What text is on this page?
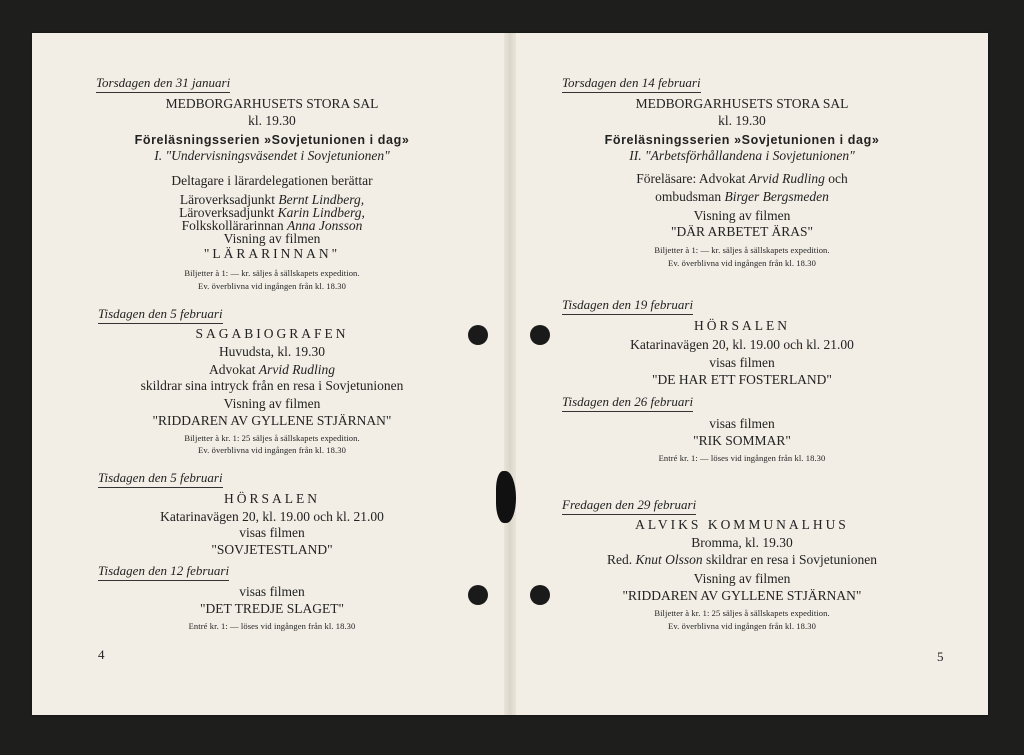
Torsdagen den 31 januari
MEDBORGARHUSETS STORA SAL
kl. 19.30
Föreläsningsserien »Sovjetunionen i dag»
I. "Undervisningsväsendet i Sovjetunionen"
Deltagare i lärardelegationen berättar
Läroverksadjunkt Bernt Lindberg,
Läroverksadjunkt Karin Lindberg,
Folkskollärarinnan Anna Jonsson
Visning av filmen
"LÄRARINNAN"
Biljetter à 1: — kr. säljes å sällskapets expedition.
Ev. överblivna vid ingången från kl. 18.30
Tisdagen den 5 februari
SAGABIOGRAFEN
Huvudsta, kl. 19.30
Advokat Arvid Rudling
skildrar sina intryck från en resa i Sovjetunionen
Visning av filmen
"RIDDAREN AV GYLLENE STJÄRNAN"
Biljetter à kr. 1: 25 säljes å sällskapets expedition.
Ev. överblivna vid ingången från kl. 18.30
Tisdagen den 5 februari
HÖRSALEN
Katarinavägen 20, kl. 19.00 och kl. 21.00
visas filmen
"SOVJETESTLAND"
Tisdagen den 12 februari
visas filmen
"DET TREDJE SLAGET"
Entré kr. 1: — löses vid ingången från kl. 18.30
4
Torsdagen den 14 februari
MEDBORGARHUSETS STORA SAL
kl. 19.30
Föreläsningsserien »Sovjetunionen i dag»
II. "Arbetsförhållandena i Sovjetunionen"
Föreläsare: Advokat Arvid Rudling och
ombudsman Birger Bergsmeden
Visning av filmen
"DÄR ARBETET ÄRAS"
Biljetter à 1: — kr. säljes å sällskapets expedition.
Ev. överblivna vid ingången från kl. 18.30
Tisdagen den 19 februari
HÖRSALEN
Katarinavägen 20, kl. 19.00 och kl. 21.00
visas filmen
"DE HAR ETT FOSTERLAND"
Tisdagen den 26 februari
visas filmen
"RIK SOMMAR"
Entré kr. 1: — löses vid ingången från kl. 18.30
Fredagen den 29 februari
ALVIKS KOMMUNALHUS
Bromma, kl. 19.30
Red. Knut Olsson skildrar en resa i Sovjetunionen
Visning av filmen
"RIDDAREN AV GYLLENE STJÄRNAN"
Biljetter à kr. 1: 25 säljes å sällskapets expedition.
Ev. överblivna vid ingången från kl. 18.30
5
